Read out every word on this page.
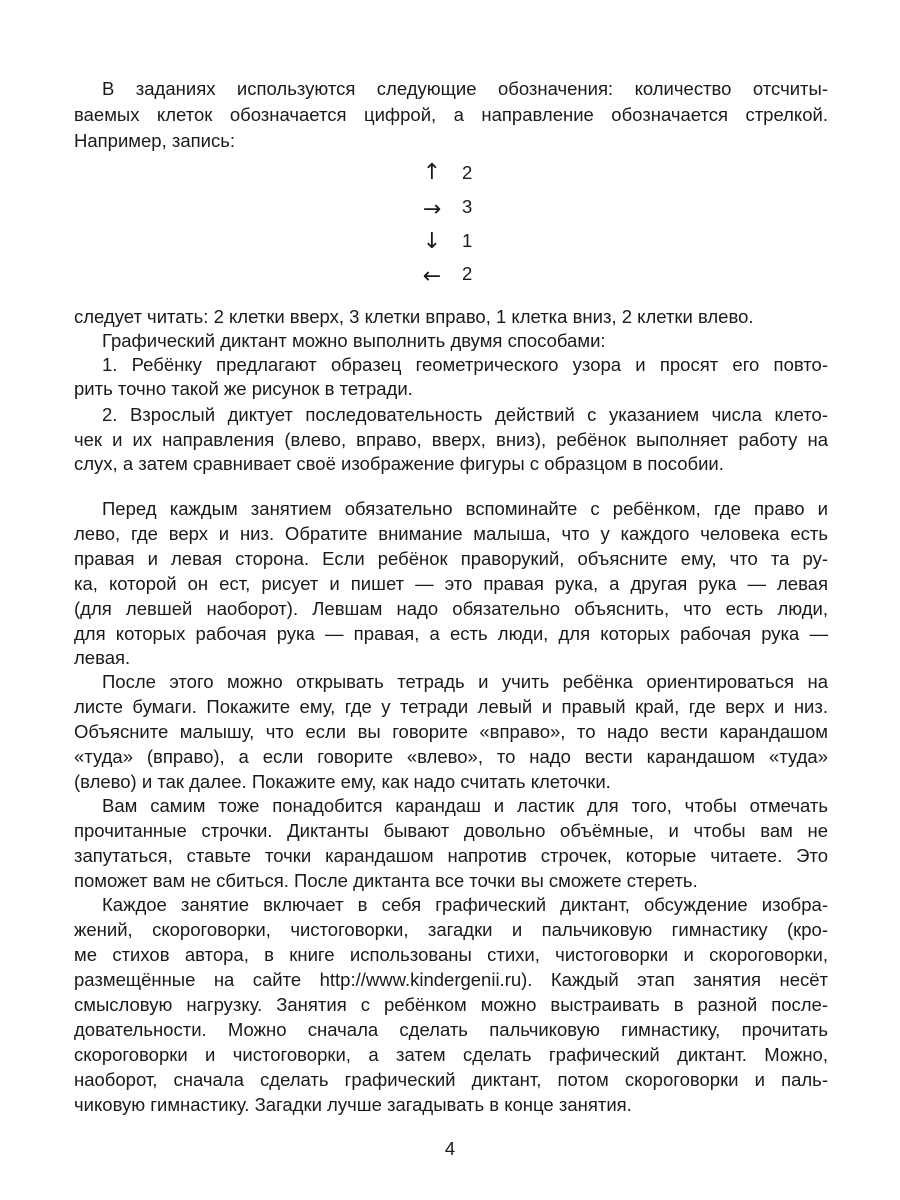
В заданиях используются следующие обозначения: количество отсчиты-
ваемых клеток обозначается цифрой, а направление обозначается стрелкой.
Например, запись:
↑ 2
→ 3
↓ 1
← 2
следует читать: 2 клетки вверх, 3 клетки вправо, 1 клетка вниз, 2 клетки влево.
Графический диктант можно выполнить двумя способами:
1. Ребёнку предлагают образец геометрического узора и просят его повто-
рить точно такой же рисунок в тетради.
2. Взрослый диктует последовательность действий с указанием числа клето-
чек и их направления (влево, вправо, вверх, вниз), ребёнок выполняет работу на
слух, а затем сравнивает своё изображение фигуры с образцом в пособии.
Перед каждым занятием обязательно вспоминайте с ребёнком, где право и
лево, где верх и низ. Обратите внимание малыша, что у каждого человека есть
правая и левая сторона. Если ребёнок праворукий, объясните ему, что та ру-
ка, которой он ест, рисует и пишет — это правая рука, а другая рука — левая
(для левшей наоборот). Левшам надо обязательно объяснить, что есть люди,
для которых рабочая рука — правая, а есть люди, для которых рабочая рука —
левая.
После этого можно открывать тетрадь и учить ребёнка ориентироваться на
листе бумаги. Покажите ему, где у тетради левый и правый край, где верх и низ.
Объясните малышу, что если вы говорите «вправо», то надо вести карандашом
«туда» (вправо), а если говорите «влево», то надо вести карандашом «туда»
(влево) и так далее. Покажите ему, как надо считать клеточки.
Вам самим тоже понадобится карандаш и ластик для того, чтобы отмечать
прочитанные строчки. Диктанты бывают довольно объёмные, и чтобы вам не
запутаться, ставьте точки карандашом напротив строчек, которые читаете. Это
поможет вам не сбиться. После диктанта все точки вы сможете стереть.
Каждое занятие включает в себя графический диктант, обсуждение изобра-
жений, скороговорки, чистоговорки, загадки и пальчиковую гимнастику (кро-
ме стихов автора, в книге использованы стихи, чистоговорки и скороговорки,
размещённые на сайте http://www.kindergenii.ru). Каждый этап занятия несёт
смысловую нагрузку. Занятия с ребёнком можно выстраивать в разной после-
довательности. Можно сначала сделать пальчиковую гимнастику, прочитать
скороговорки и чистоговорки, а затем сделать графический диктант. Можно,
наоборот, сначала сделать графический диктант, потом скороговорки и паль-
чиковую гимнастику. Загадки лучше загадывать в конце занятия.
4
